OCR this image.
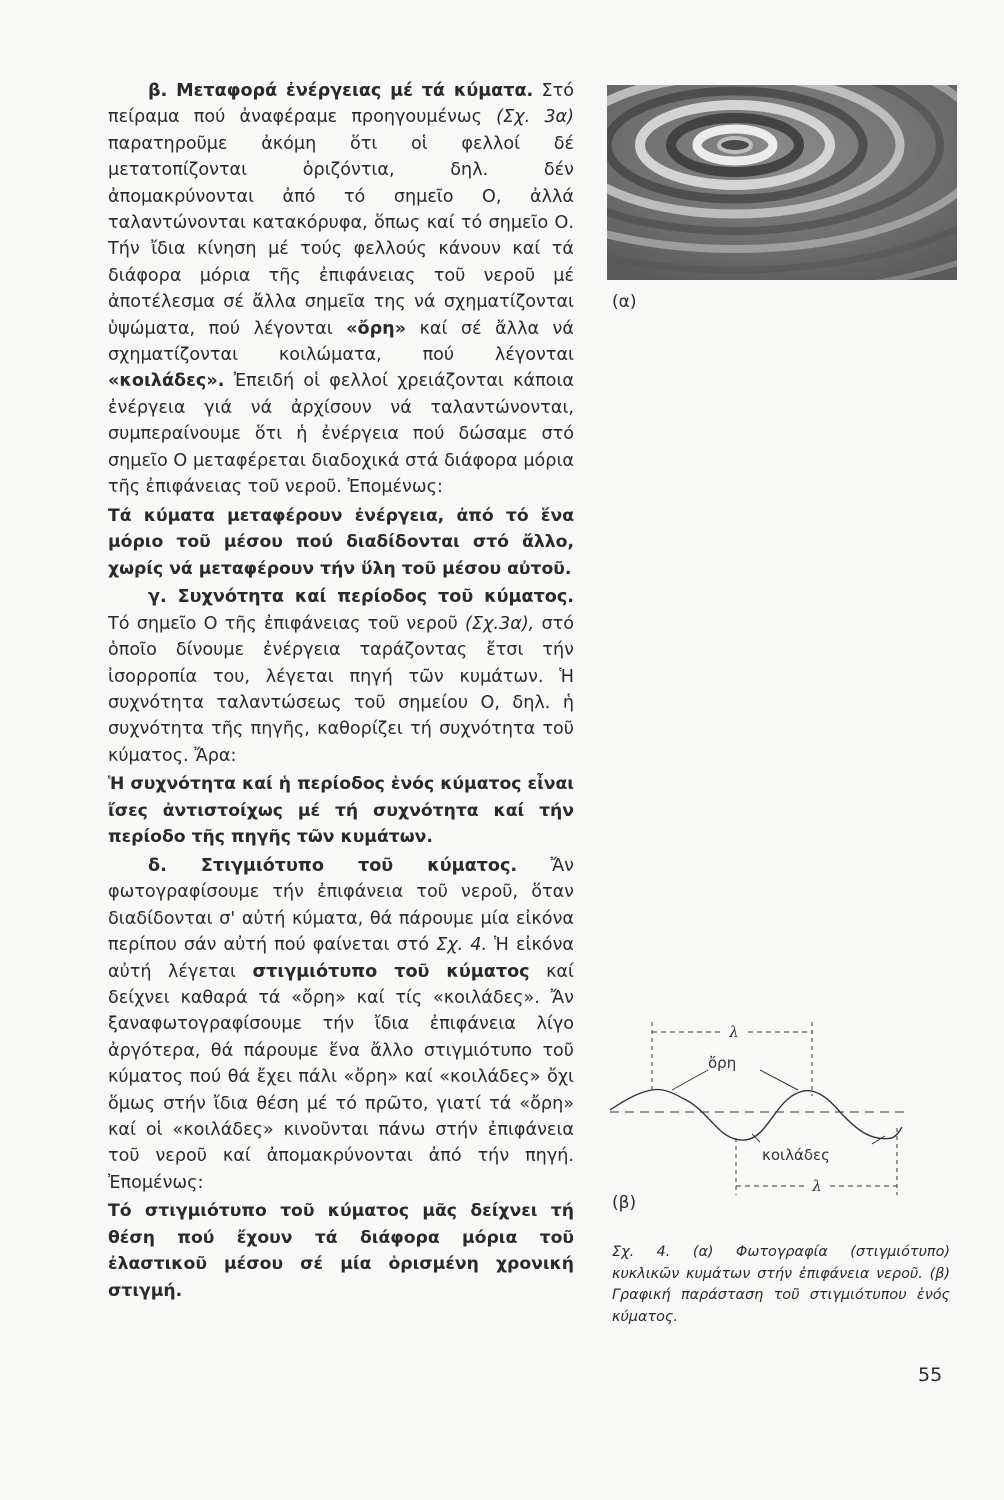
β. Μεταφορά ἐνέργειας μέ τά κύματα. Στό πείραμα πού ἀναφέραμε προηγουμένως (Σχ. 3α) παρατηροῦμε ἀκόμη ὅτι οἱ φελλοί δέ μετατοπίζονται ὁριζόντια, δηλ. δέν ἀπομακρύνονται ἀπό τό σημεῖο Ο, ἀλλά ταλαντώνονται κατακόρυφα, ὅπως καί τό σημεῖο Ο. Τήν ἴδια κίνηση μέ τούς φελλούς κάνουν καί τά διάφορα μόρια τῆς ἐπιφάνειας τοῦ νεροῦ μέ ἀποτέλεσμα σέ ἄλλα σημεῖα της νά σχηματίζονται ὑψώματα, πού λέγονται «ὄρη» καί σέ ἄλλα νά σχηματίζονται κοιλώματα, πού λέγονται «κοιλάδες». Ἐπειδή οἱ φελλοί χρειάζονται κάποια ἐνέργεια γιά νά ἀρχίσουν νά ταλαντώνονται, συμπεραίνουμε ὅτι ἡ ἐνέργεια πού δώσαμε στό σημεῖο Ο μεταφέρεται διαδοχικά στά διάφορα μόρια τῆς ἐπιφάνειας τοῦ νεροῦ. Ἐπομένως:

Τά κύματα μεταφέρουν ἐνέργεια, ἀπό τό ἕνα μόριο τοῦ μέσου πού διαδίδονται στό ἄλλο, χωρίς νά μεταφέρουν τήν ὕλη τοῦ μέσου αὐτοῦ.

γ. Συχνότητα καί περίοδος τοῦ κύματος. Τό σημεῖο Ο τῆς ἐπιφάνειας τοῦ νεροῦ (Σχ.3α), στό ὁποῖο δίνουμε ἐνέργεια ταράζοντας ἔτσι τήν ἰσορροπία του, λέγεται πηγή τῶν κυμάτων. Ἡ συχνότητα ταλαντώσεως τοῦ σημείου Ο, δηλ. ἡ συχνότητα τῆς πηγῆς, καθορίζει τή συχνότητα τοῦ κύματος. Ἄρα:

Ἡ συχνότητα καί ἡ περίοδος ἑνός κύματος εἶναι ἴσες ἀντιστοίχως μέ τή συχνότητα καί τήν περίοδο τῆς πηγῆς τῶν κυμάτων.

δ. Στιγμιότυπο τοῦ κύματος. Ἄν φωτογραφίσουμε τήν ἐπιφάνεια τοῦ νεροῦ, ὅταν διαδίδονται σ' αὐτή κύματα, θά πάρουμε μία εἰκόνα περίπου σάν αὐτή πού φαίνεται στό Σχ. 4. Ἡ εἰκόνα αὐτή λέγεται στιγμιότυπο τοῦ κύματος καί δείχνει καθαρά τά «ὄρη» καί τίς «κοιλάδες». Ἄν ξαναφωτογραφίσουμε τήν ἴδια ἐπιφάνεια λίγο ἀργότερα, θά πάρουμε ἕνα ἄλλο στιγμιότυπο τοῦ κύματος πού θά ἔχει πάλι «ὄρη» καί «κοιλάδες» ὄχι ὅμως στήν ἴδια θέση μέ τό πρῶτο, γιατί τά «ὄρη» καί οἱ «κοιλάδες» κινοῦνται πάνω στήν ἐπιφάνεια τοῦ νεροῦ καί ἀπομακρύνονται ἀπό τήν πηγή. Ἐπομένως:

Τό στιγμιότυπο τοῦ κύματος μᾶς δείχνει τή θέση πού ἔχουν τά διάφορα μόρια τοῦ ἐλαστικοῦ μέσου σέ μία ὁρισμένη χρονική στιγμή.

(α)
λ
λ
ὄρη
κοιλάδες
(β)
Σχ. 4. (α) Φωτογραφία (στιγμιότυπο) κυκλικῶν κυμάτων στήν ἐπιφάνεια νεροῦ. (β) Γραφική παράσταση τοῦ στιγμιότυπου ἑνός κύματος.
55
